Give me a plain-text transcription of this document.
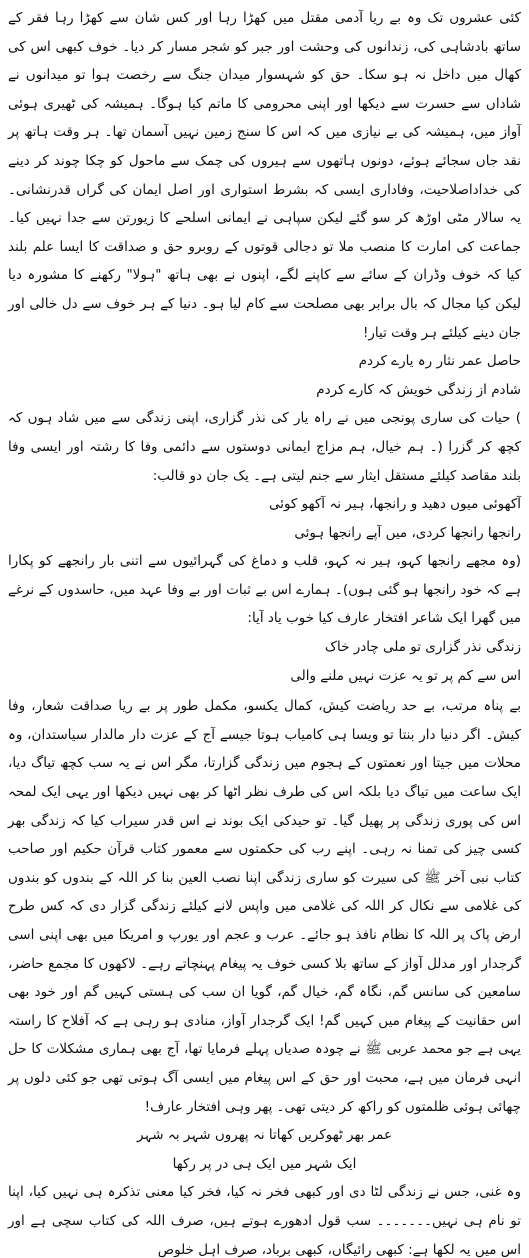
کئی عشروں تک وہ بے ریا آدمی مقتل میں کھڑا رہا اور کس شان سے کھڑا رہا فقر کے ساتھ بادشاہی کی، زندانوں کی وحشت اور جبر کو شجر مسار کر دیا۔ خوف کبھی اس کی کھال میں داخل نہ ہو سکا۔ حق کو شہسوار میدان جنگ سے رخصت ہوا تو میدانوں نے شاداں سے حسرت سے دیکھا اور اپنی محرومی کا ماتم کیا ہوگا۔ ہمیشہ کی ٹھیری ہوئی آواز میں، ہمیشہ کی بے نیازی میں کہ اس کا سنج زمین نہیں آسمان تھا۔ ہر وقت ہاتھ پر نقد جاں سجائے ہوئے، دونوں ہاتھوں سے ہیروں کی چمک سے ماحول کو چکا چوند کر دینے کی خداداصلاحیت، وفاداری ایسی کہ بشرط استواری اور اصل ایمان کی گراں قدرنشانی۔ یہ سالار مٹی اوڑھ کر سو گئے لیکن سپاہی نے ایمانی اسلحے کا زیورتن سے جدا نہیں کیا۔ جماعت کی امارت کا منصب ملا تو دجالی قوتوں کے روبرو حق و صداقت کا ایسا علم بلند کیا کہ خوف وڈران کے سائے سے کاپنے لگے، اپنوں نے بھی ہاتھ "ہولا" رکھنے کا مشورہ دیا لیکن کیا مجال کہ بال برابر بھی مصلحت سے کام لیا ہو۔ دنیا کے ہر خوف سے دل خالی اور جان دینے کیلئے ہر وقت تیار!

حاصل عمر نثار رہ یارے کردم

شادم از زندگی خویش کہ کارے کردم

) حیات کی ساری پونجی میں نے راہ یار کی نذر گزاری، اپنی زندگی سے میں شاد ہوں کہ کچھ کر گزرا (۔ ہم خیال، ہم مزاج ایمانی دوستوں سے دائمی وفا کا رشتہ اور ایسی وفا بلند مقاصد کیلئے مستقل ایثار سے جنم لیتی ہے۔ یک جان دو قالب:

آکھوئی میوں دھید و رانجھا، ہیر نہ آکھو کوئی

رانجھا رانجھا کردی، میں آپے رانجھا ہوئی

(وہ مجھے رانجھا کہو، ہیر نہ کہو، قلب و دماغ کی گہرائیوں سے اتنی بار رانجھے کو پکارا ہے کہ خود رانجھا ہو گئی ہوں)۔ ہمارے اس بے ثبات اور بے وفا عہد میں، حاسدوں کے نرغے میں گھرا ایک شاعر افتخار عارف کیا خوب یاد آیا:

زندگی نذر گزاری تو ملی چادر خاک

اس سے کم پر تو یہ عزت نہیں ملنے والی

بے پناہ مرتب، بے حد ریاضت کیش، کمال یکسو، مکمل طور پر بے ریا صداقت شعار، وفا کیش۔ اگر دنیا دار بنتا تو ویسا ہی کامیاب ہوتا جیسے آج کے عزت دار مالدار سیاستدان، وہ محلات میں جیتا اور نعمتوں کے ہجوم میں زندگی گزارتا، مگر اس نے یہ سب کچھ تیاگ دیا، ایک ساعت میں تیاگ دیا بلکہ اس کی طرف نظر اٹھا کر بھی نہیں دیکھا اور یہی ایک لمحہ اس کی پوری زندگی پر پھیل گیا۔ تو حیدکی ایک بوند نے اس قدر سیراب کیا کہ زندگی بھر کسی چیز کی تمنا نہ رہی۔ اپنے رب کی حکمتوں سے معمور کتاب قرآن حکیم اور صاحب کتاب نبی آخر ﷺ کی سیرت کو ساری زندگی اپنا نصب العین بنا کر اللہ کے بندوں کو بندوں کی غلامی سے نکال کر اللہ کی غلامی میں واپس لانے کیلئے زندگی گزار دی کہ کس طرح ارض پاک پر اللہ کا نظام نافذ ہو جائے۔ عرب و عجم اور یورپ و امریکا میں بھی اپنی اسی گرجدار اور مدلل آواز کے ساتھ بلا کسی خوف یہ پیغام پہنچاتے رہے۔ لاکھوں کا مجمع حاضر، سامعین کی سانس گم، نگاہ گم، خیال گم، گویا ان سب کی ہستی کہیں گم اور خود بھی اس حقانیت کے پیغام میں کہیں گم! ایک گرجدار آواز، منادی ہو رہی ہے کہ آفلاح کا راستہ یہی ہے جو محمد عربی ﷺ نے چودہ صدیاں پہلے فرمایا تھا، آج بھی ہماری مشکلات کا حل انہی فرمان میں ہے، محبت اور حق کے اس پیغام میں ایسی آگ ہوتی تھی جو کئی دلوں پر چھائی ہوئی ظلمتوں کو راکھ کر دیتی تھی۔ پھر وہی افتخار عارف!

عمر بھر ٹھوکریں کھاتا نہ پھروں شہر بہ شہر

ایک شہر میں ایک ہی در پر رکھا

وہ غنی، جس نے زندگی لٹا دی اور کبھی فخر نہ کیا، فخر کیا معنی تذکرہ ہی نہیں کیا، اپنا تو نام ہی نہیں۔۔۔۔۔۔۔ سب قول ادھورے ہوتے ہیں، صرف اللہ کی کتاب سچی ہے اور اس میں یہ لکھا ہے: کبھی رائیگاں، کبھی برباد، صرف اہل خلوص
